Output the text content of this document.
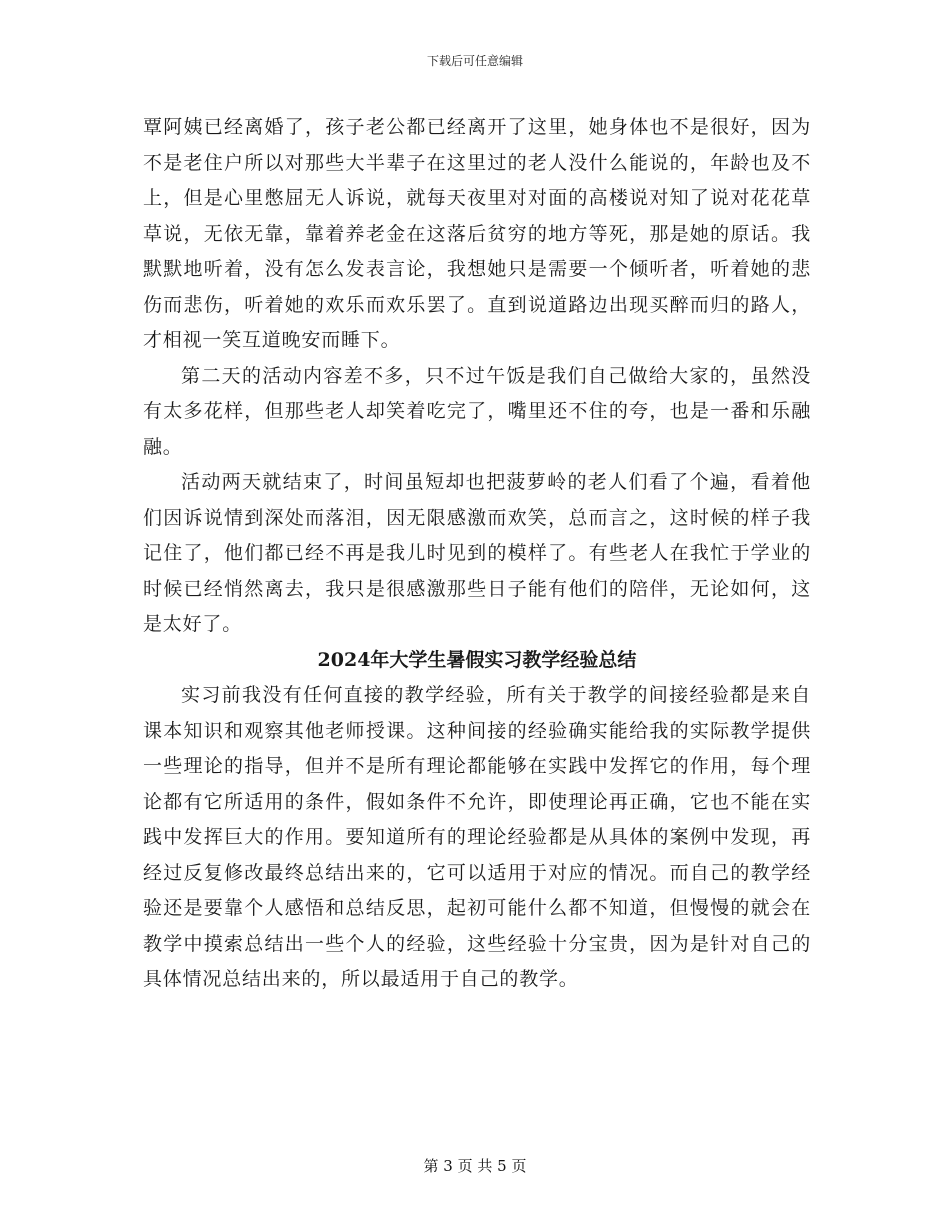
下载后可任意编辑

覃阿姨已经离婚了，孩子老公都已经离开了这里，她身体也不是很好，因为不是老住户所以对那些大半辈子在这里过的老人没什么能说的，年龄也及不上，但是心里憋屈无人诉说，就每天夜里对对面的高楼说对知了说对花花草草说，无依无靠，靠着养老金在这落后贫穷的地方等死，那是她的原话。我默默地听着，没有怎么发表言论，我想她只是需要一个倾听者，听着她的悲伤而悲伤，听着她的欢乐而欢乐罢了。直到说道路边出现买醉而归的路人，才相视一笑互道晚安而睡下。

第二天的活动内容差不多，只不过午饭是我们自己做给大家的，虽然没有太多花样，但那些老人却笑着吃完了，嘴里还不住的夸，也是一番和乐融融。

活动两天就结束了，时间虽短却也把菠萝岭的老人们看了个遍，看着他们因诉说情到深处而落泪，因无限感激而欢笑，总而言之，这时候的样子我记住了，他们都已经不再是我儿时见到的模样了。有些老人在我忙于学业的时候已经悄然离去，我只是很感激那些日子能有他们的陪伴，无论如何，这是太好了。

2024年大学生暑假实习教学经验总结

实习前我没有任何直接的教学经验，所有关于教学的间接经验都是来自课本知识和观察其他老师授课。这种间接的经验确实能给我的实际教学提供一些理论的指导，但并不是所有理论都能够在实践中发挥它的作用，每个理论都有它所适用的条件，假如条件不允许，即使理论再正确，它也不能在实践中发挥巨大的作用。要知道所有的理论经验都是从具体的案例中发现，再经过反复修改最终总结出来的，它可以适用于对应的情况。而自己的教学经验还是要靠个人感悟和总结反思，起初可能什么都不知道，但慢慢的就会在教学中摸索总结出一些个人的经验，这些经验十分宝贵，因为是针对自己的具体情况总结出来的，所以最适用于自己的教学。

第 3 页 共 5 页
